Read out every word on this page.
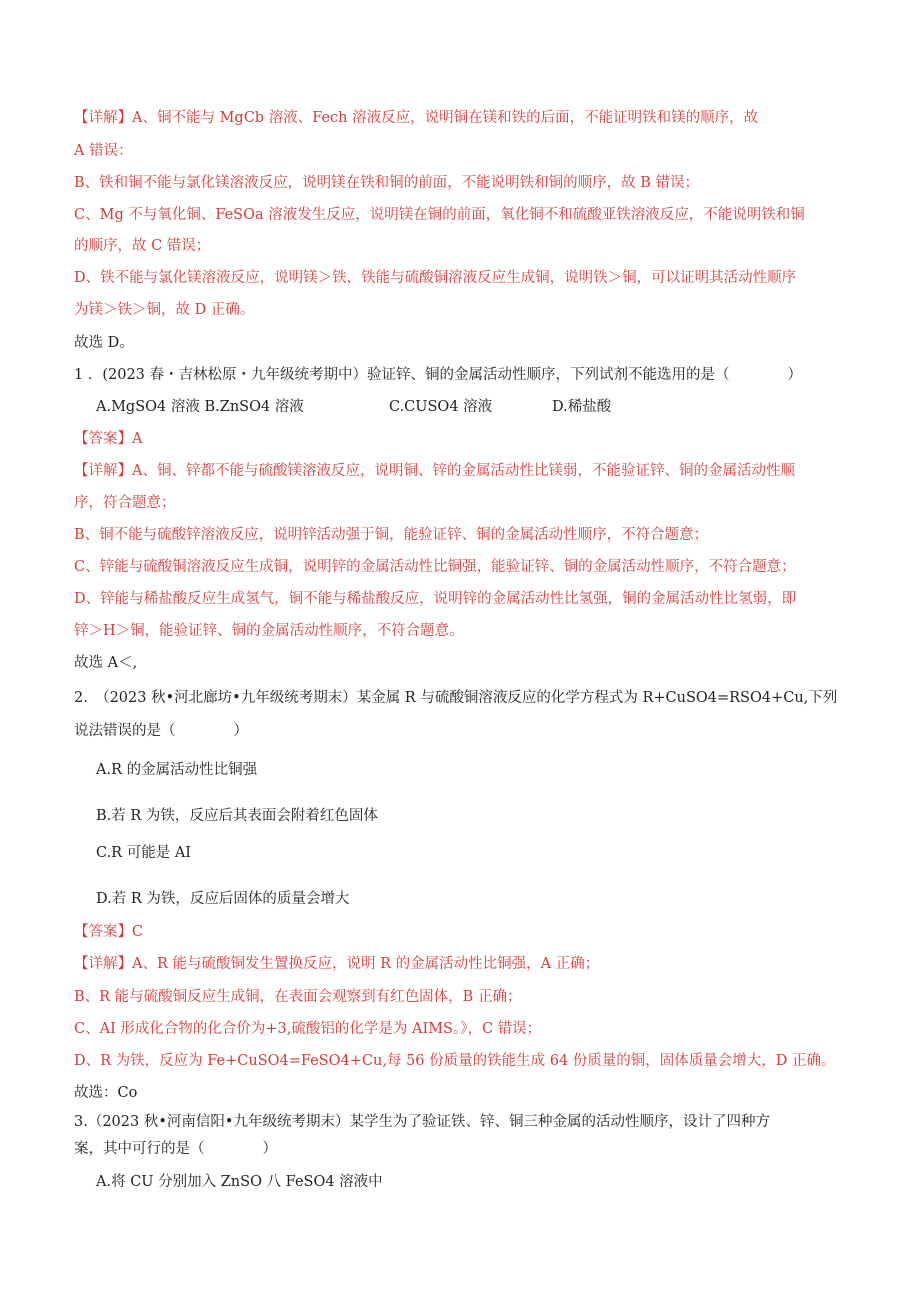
【详解】A、铜不能与 MgCb 溶液、Fech 溶液反应，说明铜在镁和铁的后面，不能证明铁和镁的顺序，故
A 错误：
B、铁和铜不能与氯化镁溶液反应，说明镁在铁和铜的前面，不能说明铁和铜的顺序，故 B 错误；
C、Mg 不与氧化铜、FeSOa 溶液发生反应，说明镁在铜的前面，氧化铜不和硫酸亚铁溶液反应，不能说明铁和铜
的顺序，故 C 错误；
D、铁不能与氯化镁溶液反应，说明镁＞铁，铁能与硫酸铜溶液反应生成铜，说明铁＞铜，可以证明其活动性顺序
为镁＞铁＞铜，故 D 正确。
故选 D。
1 ．(2023 春・吉林松原・九年级统考期中）验证锌、铜的金属活动性顺序，下列试剂不能选用的是（　　　　）
A.MgSO4 溶液 B.ZnSO4 溶液	C.CUSO4 溶液	D.稀盐酸
【答案】A
【详解】A、铜、锌都不能与硫酸镁溶液反应，说明铜、锌的金属活动性比镁弱，不能验证锌、铜的金属活动性顺
序，符合题意；
B、铜不能与硫酸锌溶液反应，说明锌活动强于铜，能验证锌、铜的金属活动性顺序，不符合题意；
C、锌能与硫酸铜溶液反应生成铜，说明锌的金属活动性比铜强，能验证锌、铜的金属活动性顺序，不符合题意；
D、锌能与稀盐酸反应生成氢气，铜不能与稀盐酸反应，说明锌的金属活动性比氢强，铜的金属活动性比氢弱，即
锌＞H＞铜，能验证锌、铜的金属活动性顺序，不符合题意。
故选 A＜,
2.　（2023 秋•河北廊坊•九年级统考期末）某金属 R 与硫酸铜溶液反应的化学方程式为 R+CuSO4=RSO4+Cu,下列
说法错误的是（　　　　）
A.R 的金属活动性比铜强
B.若 R 为铁，反应后其表面会附着红色固体
C.R 可能是 AI
D.若 R 为铁，反应后固体的质量会增大
【答案】C
【详解】A、R 能与硫酸铜发生置换反应，说明 R 的金属活动性比铜强，A 正确；
B、R 能与硫酸铜反应生成铜，在表面会观察到有红色固体，B 正确；
C、AI 形成化合物的化合价为+3,硫酸铝的化学是为 AIMS。》，C 错误；
D、R 为铁，反应为 Fe+CuSO4=FeSO4+Cu,每 56 份质量的铁能生成 64 份质量的铜，固体质量会增大，D 正确。
故选：Co
3.（2023 秋•河南信阳•九年级统考期末）某学生为了验证铁、锌、铜三种金属的活动性顺序，设计了四种方
案，其中可行的是（　　　　）
A.将 CU 分别加入 ZnSO 八 FeSO4 溶液中
